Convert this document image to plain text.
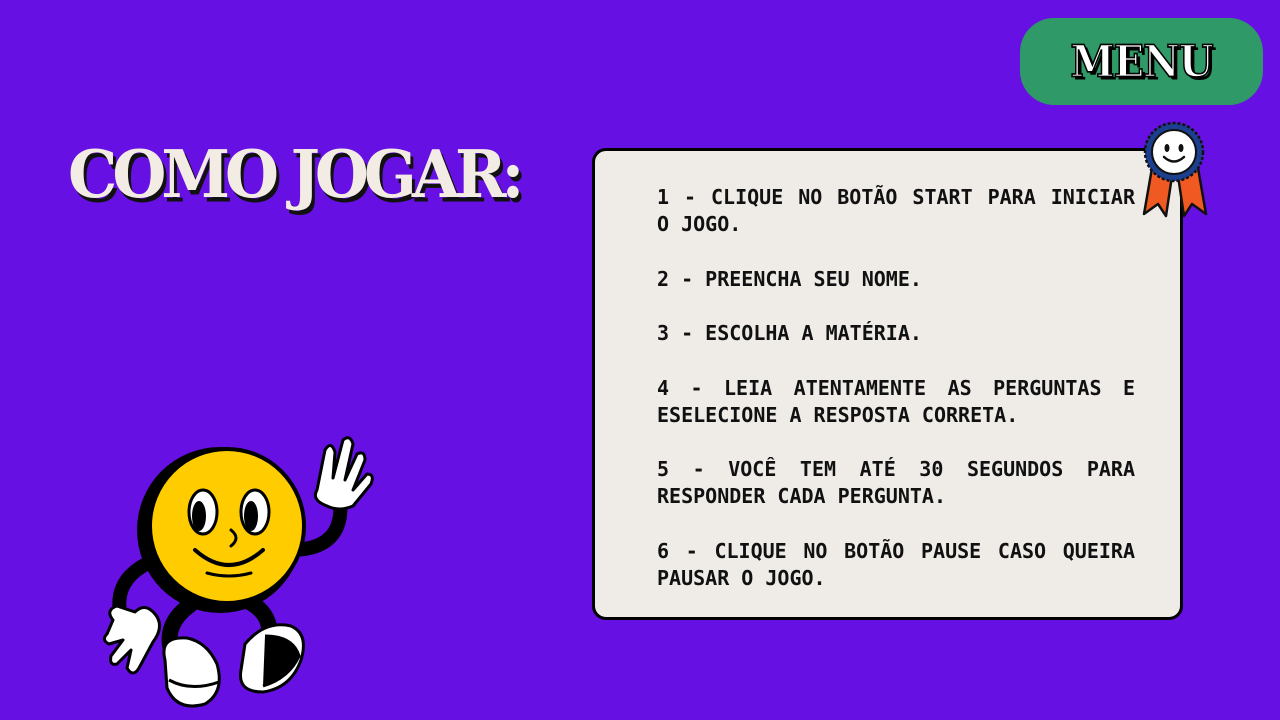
MENU
COMO JOGAR:	1 - CLIQUE NO BOTÃO START PARA INICIAR O JOGO.
2 - PREENCHA SEU NOME.
3 - ESCOLHA A MATÉRIA.
4 - LEIA ATENTAMENTE AS PERGUNTAS E ESELECIONE A RESPOSTA CORRETA.
5 - VOCÊ TEM ATÉ 30 SEGUNDOS PARA RESPONDER CADA PERGUNTA.
6 - CLIQUE NO BOTÃO PAUSE CASO QUEIRA PAUSAR O JOGO.
